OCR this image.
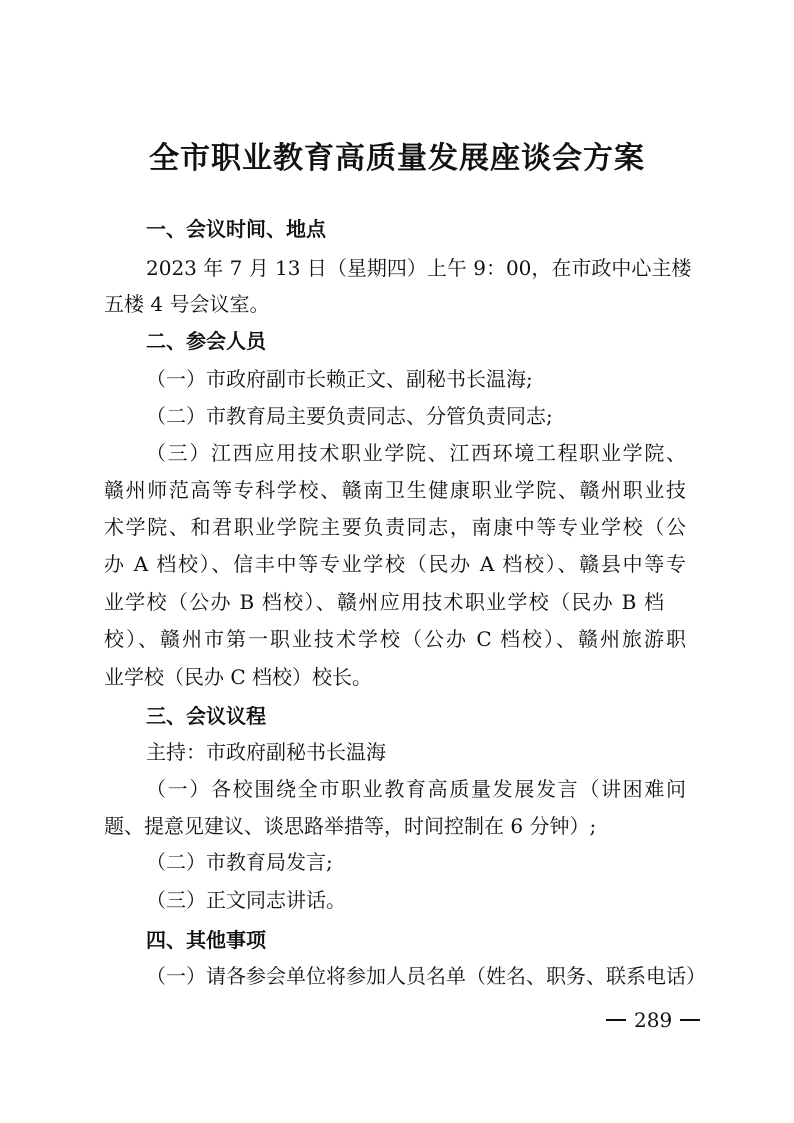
全市职业教育高质量发展座谈会方案
一、会议时间、地点
2023 年 7 月 13 日（星期四）上午 9：00，在市政中心主楼
五楼 4 号会议室。
二、参会人员
（一）市政府副市长赖正文、副秘书长温海;
（二）市教育局主要负责同志、分管负责同志;
（三）江西应用技术职业学院、江西环境工程职业学院、
赣州师范高等专科学校、赣南卫生健康职业学院、赣州职业技
术学院、和君职业学院主要负责同志，南康中等专业学校（公
办 A 档校）、信丰中等专业学校（民办 A 档校）、赣县中等专
业学校（公办 B 档校）、赣州应用技术职业学校（民办 B 档
校）、赣州市第一职业技术学校（公办 C 档校）、赣州旅游职
业学校（民办 C 档校）校长。
三、会议议程
主持：市政府副秘书长温海
（一）各校围绕全市职业教育高质量发展发言（讲困难问
题、提意见建议、谈思路举措等，时间控制在 6 分钟）;
（二）市教育局发言;
（三）正文同志讲话。
四、其他事项
（一）请各参会单位将参加人员名单（姓名、职务、联系电话）
289
